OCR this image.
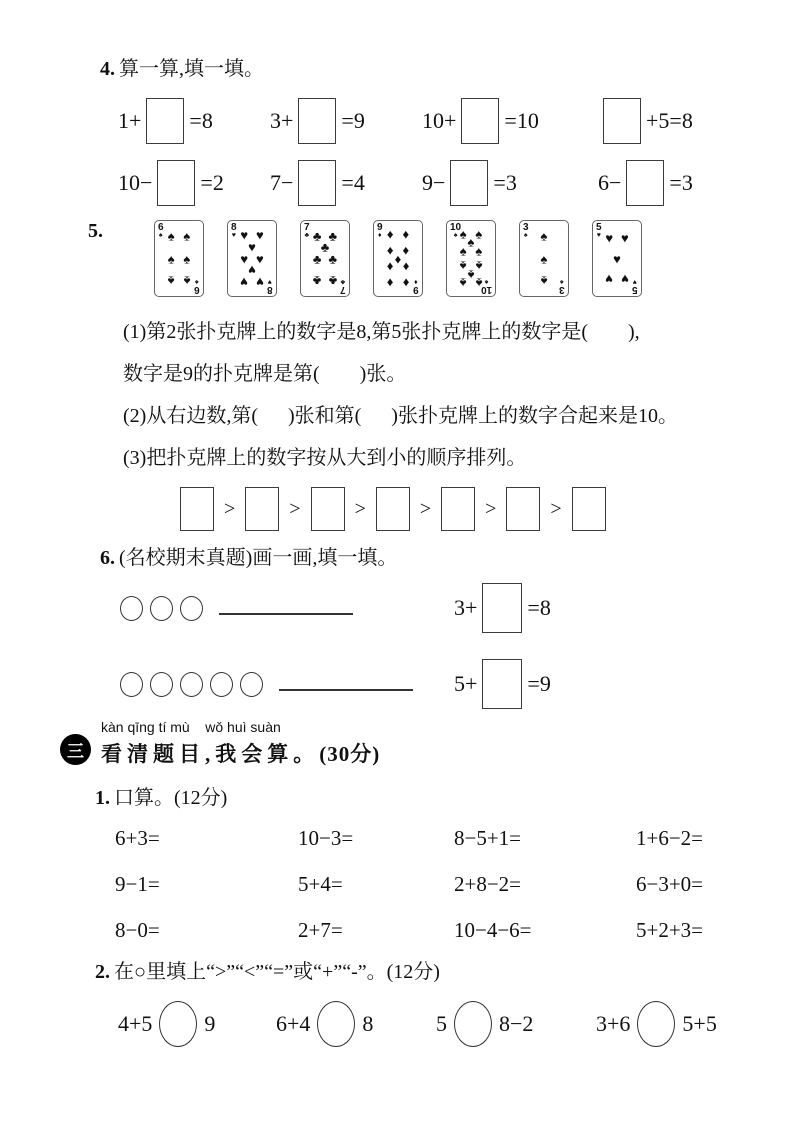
4. 算一算,填一填。
1+ =8	3+ =9	10+ =10	+5=8
10− =2 7− =4	9− =3	6− =3
5.	6
♠ ♠ ♠
♠ ♠
♠ ♠
6
♠
8
♥ ♥ ♥
♥
♥ ♥
♥
♥ ♥
8
♥
7
♣ ♣ ♣
♣
♣ ♣
♣ ♣
7
♣
9
♦ ♦ ♦
♦ ♦
♦
♦ ♦
♦ ♦ 9
♦
10
♠ ♠ ♠
♠
♠ ♠
♠ ♠
♠
♠ ♠
10
♠
3
♠ ♠
♠
♠
3
♠
5
♥ ♥ ♥
♥
♥ ♥
5
♥
(1)第2张扑克牌上的数字是8,第5张扑克牌上的数字是(        ),
数字是9的扑克牌是第(        )张。
(2)从右边数,第(      )张和第(      )张扑克牌上的数字合起来是10。
(3)把扑克牌上的数字按从大到小的顺序排列。
>	>	>	>	>	>
6. (名校期末真题)画一画,填一填。
3+ =8
5+ =9
三
kàn qīng tí mù    wǒ huì suàn
看清题目,我会算。(30分)
1. 口算。(12分)
6+3=	10−3=	8−5+1=	1+6−2=
9−1=	5+4=	2+8−2=	6−3+0=
8−0=	2+7=	10−4−6=	5+2+3=
2. 在○里填上“>”“<”“=”或“+”“-”。(12分)
4+5 9	6+4 8	5 8−2	3+6 5+5
